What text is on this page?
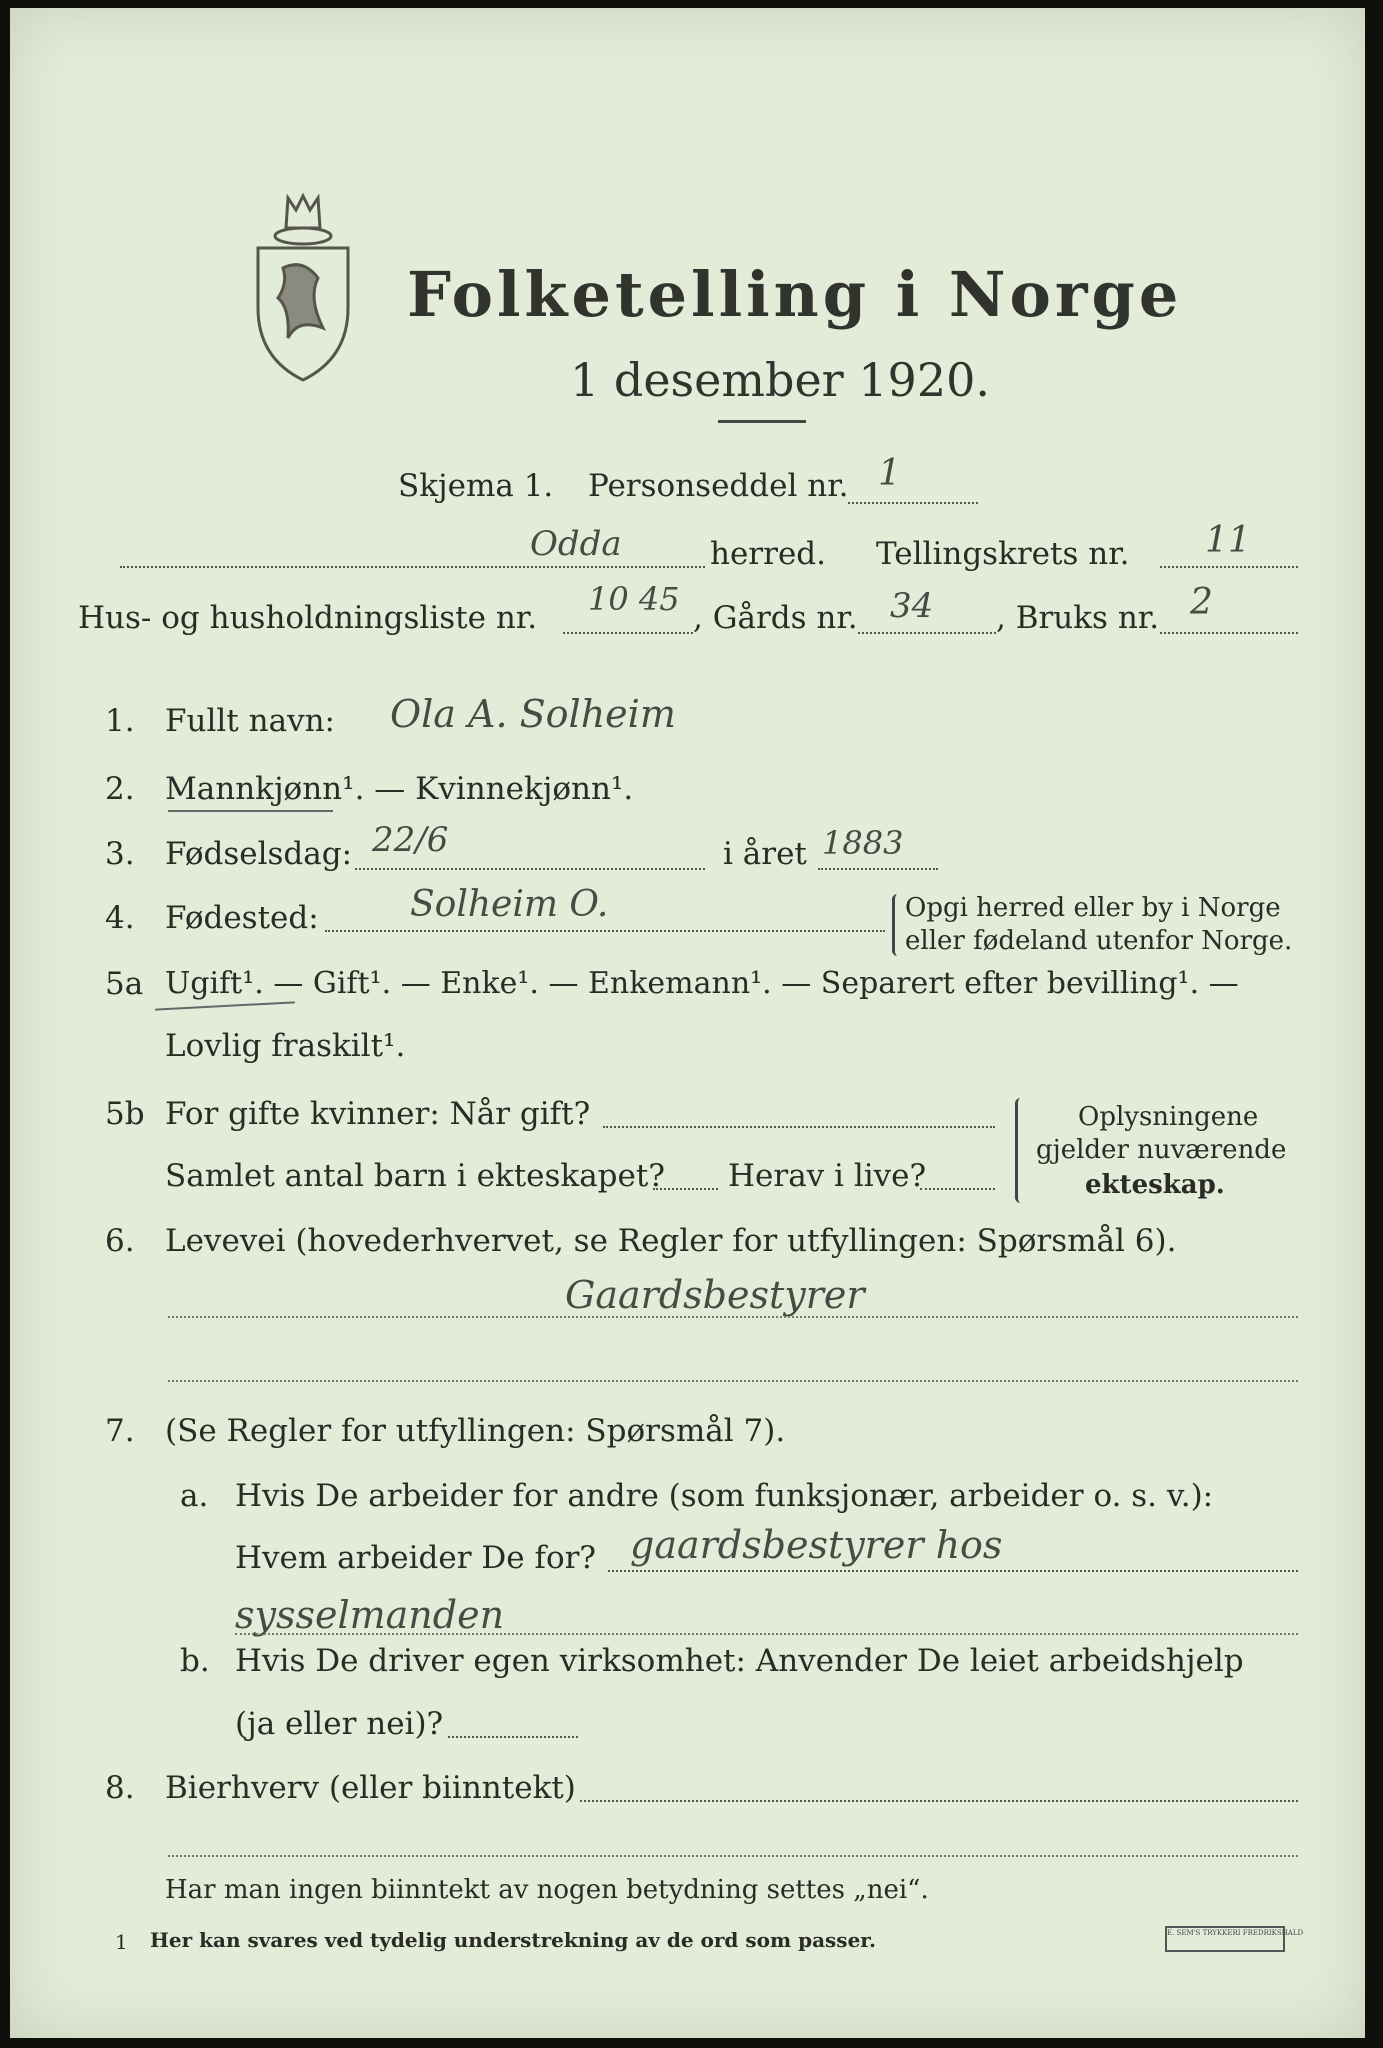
Folketelling i Norge
1 desember 1920.
Skjema 1. Personseddel nr. 1
Odda	herred. Tellingskrets nr. 11
Hus- og husholdningsliste nr. 10 45 , Gårds nr. 34 , Bruks nr. 2
1. Fullt navn: Ola A. Solheim
2. Mannkjønn¹. — Kvinnekjønn¹.
3. Fødselsdag: 22/6	i året 1883
4. Fødested:	Solheim O.	Opgi herred eller by i Norge
eller fødeland utenfor Norge.
5a Ugift¹. — Gift¹. — Enke¹. — Enkemann¹. — Separert efter bevilling¹. —
Lovlig fraskilt¹.
5b For gifte kvinner: Når gift?
Samlet antal barn i ekteskapet? Herav i live?
Oplysningene
gjelder nuværende
ekteskap.
6. Levevei (hovederhvervet, se Regler for utfyllingen: Spørsmål 6).
Gaardsbestyrer
7. (Se Regler for utfyllingen: Spørsmål 7).
a. Hvis De arbeider for andre (som funksjonær, arbeider o. s. v.):
Hvem arbeider De for? gaardsbestyrer hos
sysselmanden
b. Hvis De driver egen virksomhet: Anvender De leiet arbeidshjelp
(ja eller nei)?
8. Bierhverv (eller biinntekt)
Har man ingen biinntekt av nogen betydning settes „nei“.
1 Her kan svares ved tydelig understrekning av de ord som passer.	E. SEM'S TRYKKERI FREDRIKSHALD
